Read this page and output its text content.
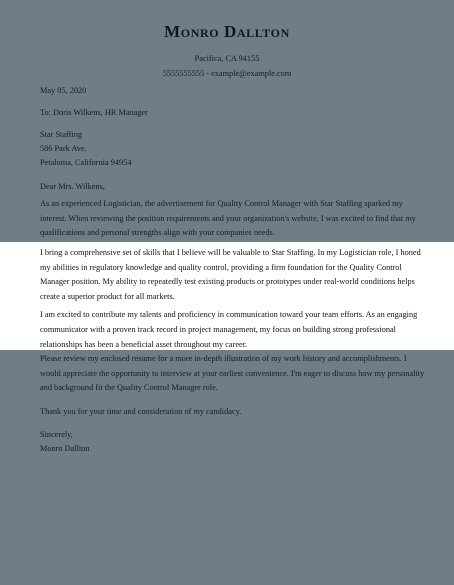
Monro Dallton
Pacifica, CA 94155
5555555555 - example@example.com
May 05, 2020
To: Doris Wilkens, HR Manager
Star Staffing
586 Park Ave.
Petaluma, California 94954
Dear Mrs. Wilkens,

As an experienced Logistician, the advertisement for Quality Control Manager with Star Staffing sparked my interest. When reviewing the position requirements and your organization's website, I was excited to find that my qualifications and personal strengths align with your companies needs.

I bring a comprehensive set of skills that I believe will be valuable to Star Staffing. In my Logistician role, I honed my abilities in regulatory knowledge and quality control, providing a firm foundation for the Quality Control Manager position. My ability to repeatedly test existing products or prototypes under real-world conditions helps create a superior product for all markets.

I am excited to contribute my talents and proficiency in communication toward your team efforts. As an engaging communicator with a proven track record in project management, my focus on building strong professional relationships has been a beneficial asset throughout my career.

Please review my enclosed resume for a more in-depth illustration of my work history and accomplishments. I would appreciate the opportunity to interview at your earliest convenience. I'm eager to discuss how my personality and background fit the Quality Control Manager role.

Thank you for your time and consideration of my candidacy.

Sincerely,
Monro Dallton
